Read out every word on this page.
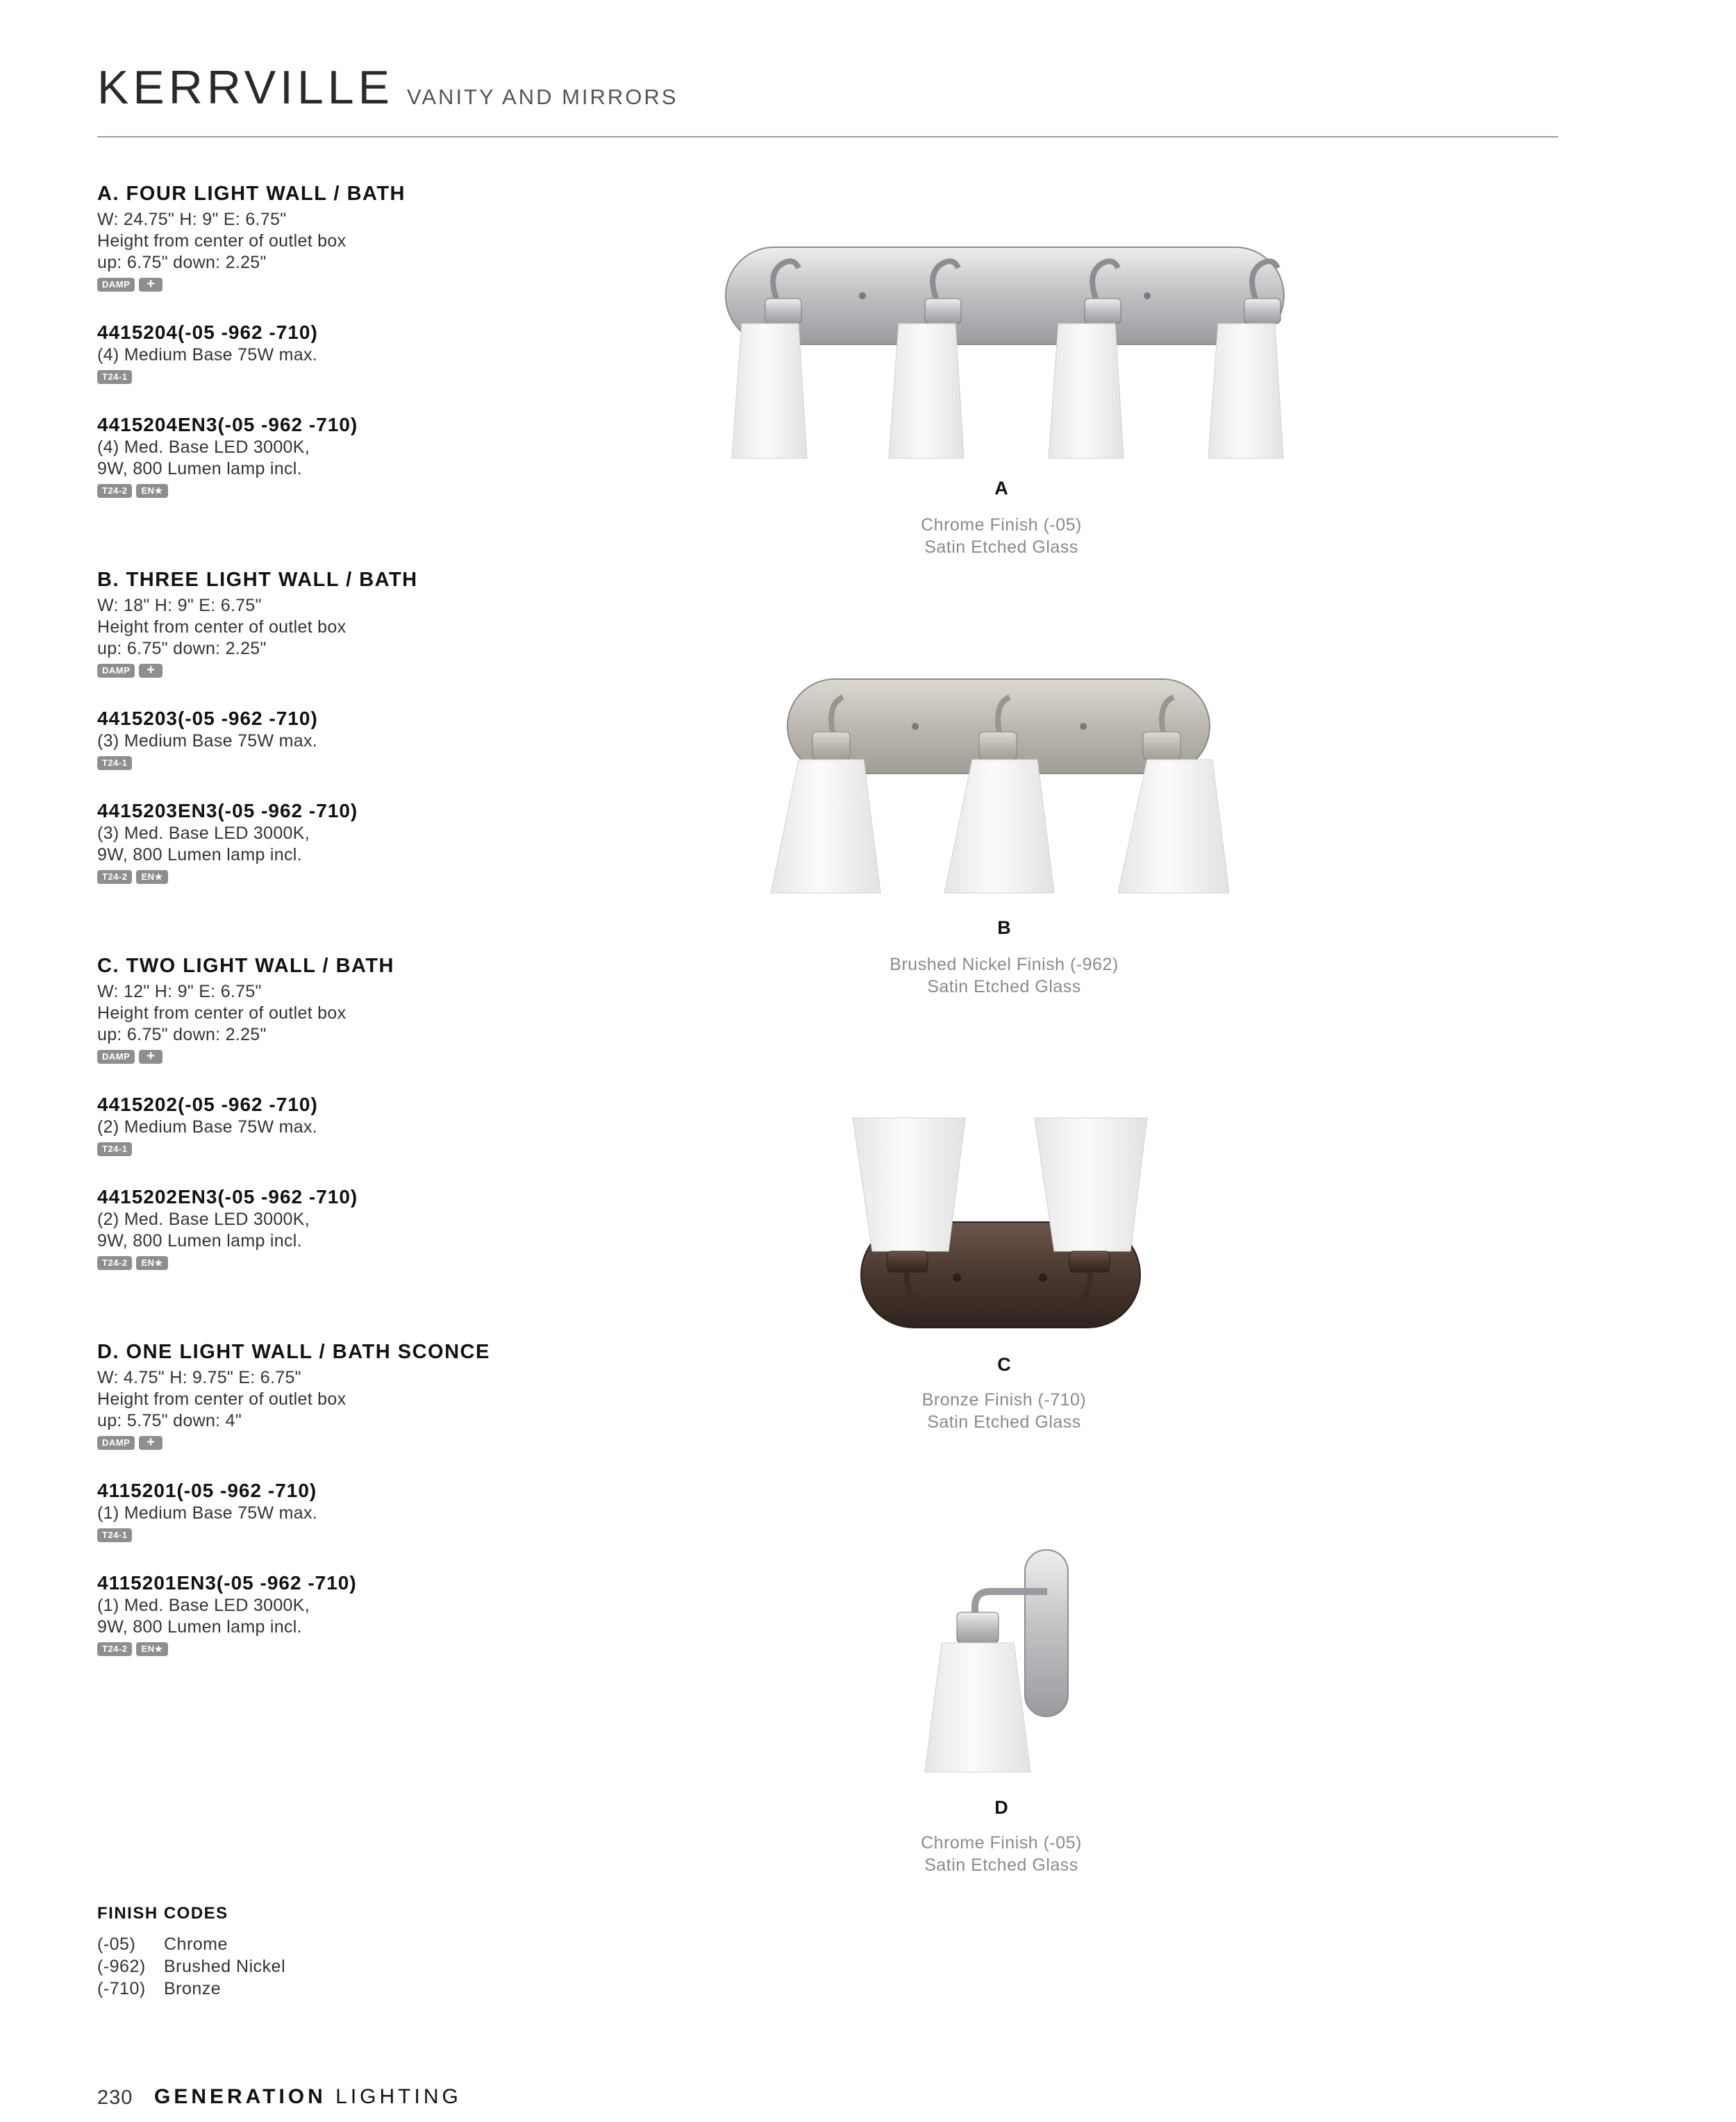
KERRVILLE VANITY AND MIRRORS
A. FOUR LIGHT WALL / BATH
W: 24.75" H: 9" E: 6.75"
Height from center of outlet box
up: 6.75" down: 2.25"
DAMP	+
4415204(-05 -962 -710)
(4) Medium Base 75W max.
T24-1
4415204EN3(-05 -962 -710)
(4) Med. Base LED 3000K,
9W, 800 Lumen lamp incl.
T24-2	EN★
B. THREE LIGHT WALL / BATH
W: 18" H: 9" E: 6.75"
Height from center of outlet box
up: 6.75" down: 2.25"
DAMP	+
4415203(-05 -962 -710)
(3) Medium Base 75W max.
T24-1
4415203EN3(-05 -962 -710)
(3) Med. Base LED 3000K,
9W, 800 Lumen lamp incl.
T24-2	EN★
C. TWO LIGHT WALL / BATH
W: 12" H: 9" E: 6.75"
Height from center of outlet box
up: 6.75" down: 2.25"
DAMP	+
4415202(-05 -962 -710)
(2) Medium Base 75W max.
T24-1
4415202EN3(-05 -962 -710)
(2) Med. Base LED 3000K,
9W, 800 Lumen lamp incl.
T24-2	EN★
D. ONE LIGHT WALL / BATH SCONCE
W: 4.75" H: 9.75" E: 6.75"
Height from center of outlet box
up: 5.75" down: 4"
DAMP	+
4115201(-05 -962 -710)
(1) Medium Base 75W max.
T24-1
4115201EN3(-05 -962 -710)
(1) Med. Base LED 3000K,
9W, 800 Lumen lamp incl.
T24-2	EN★
A
Chrome Finish (-05)
Satin Etched Glass
B
Brushed Nickel Finish (-962)
Satin Etched Glass
C
Bronze Finish (-710)
Satin Etched Glass
D
Chrome Finish (-05)
Satin Etched Glass
FINISH CODES
(-05) Chrome
(-962) Brushed Nickel
(-710) Bronze
230 GENERATION LIGHTING
